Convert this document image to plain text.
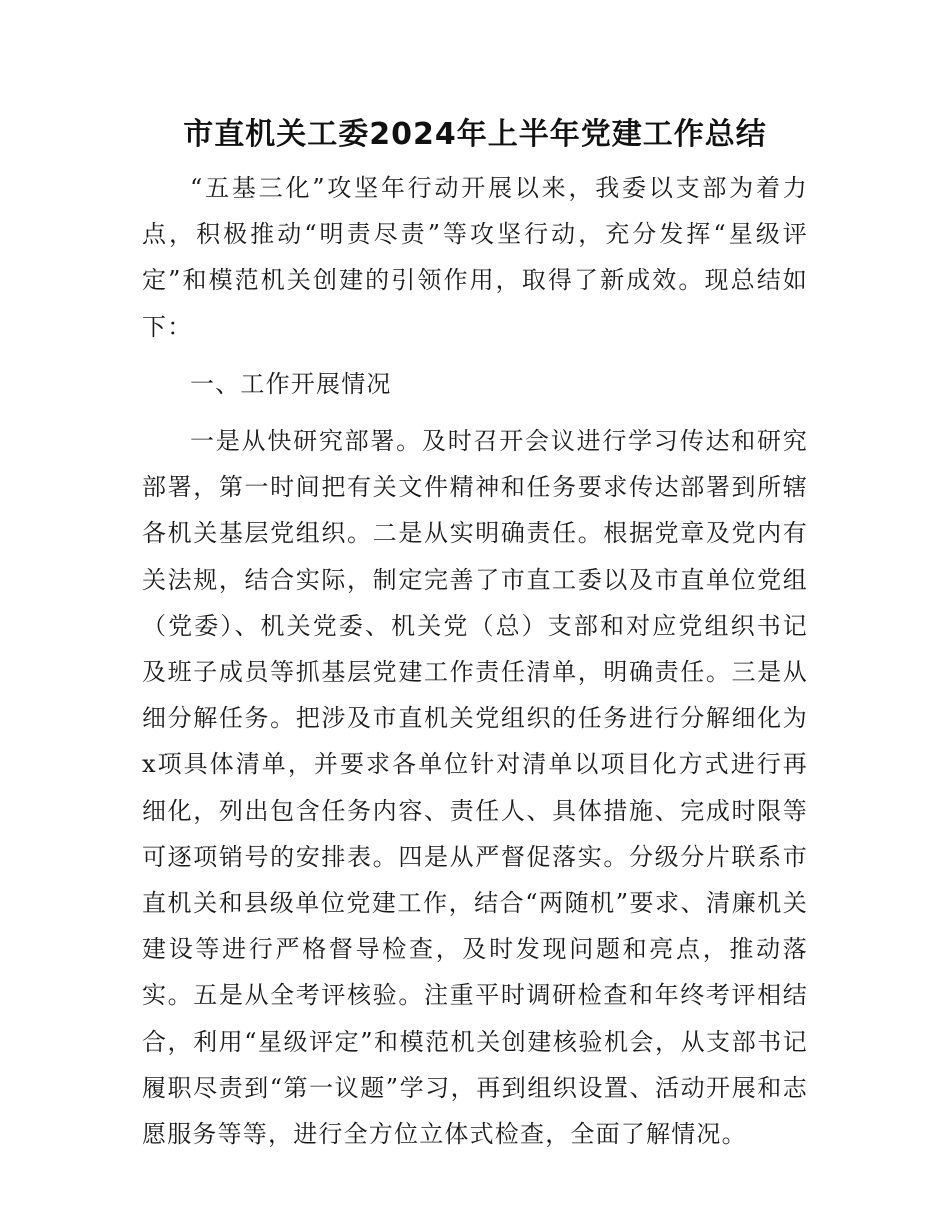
市直机关工委2024年上半年党建工作总结

“五基三化”攻坚年行动开展以来，我委以支部为着力点，积极推动“明责尽责”等攻坚行动，充分发挥“星级评定”和模范机关创建的引领作用，取得了新成效。现总结如下：

一、工作开展情况

一是从快研究部署。及时召开会议进行学习传达和研究部署，第一时间把有关文件精神和任务要求传达部署到所辖各机关基层党组织。二是从实明确责任。根据党章及党内有关法规，结合实际，制定完善了市直工委以及市直单位党组（党委）、机关党委、机关党（总）支部和对应党组织书记及班子成员等抓基层党建工作责任清单，明确责任。三是从细分解任务。把涉及市直机关党组织的任务进行分解细化为x项具体清单，并要求各单位针对清单以项目化方式进行再细化，列出包含任务内容、责任人、具体措施、完成时限等可逐项销号的安排表。四是从严督促落实。分级分片联系市直机关和县级单位党建工作，结合“两随机”要求、清廉机关建设等进行严格督导检查，及时发现问题和亮点，推动落实。五是从全考评核验。注重平时调研检查和年终考评相结合，利用“星级评定”和模范机关创建核验机会，从支部书记履职尽责到“第一议题”学习，再到组织设置、活动开展和志愿服务等等，进行全方位立体式检查，全面了解情况。
